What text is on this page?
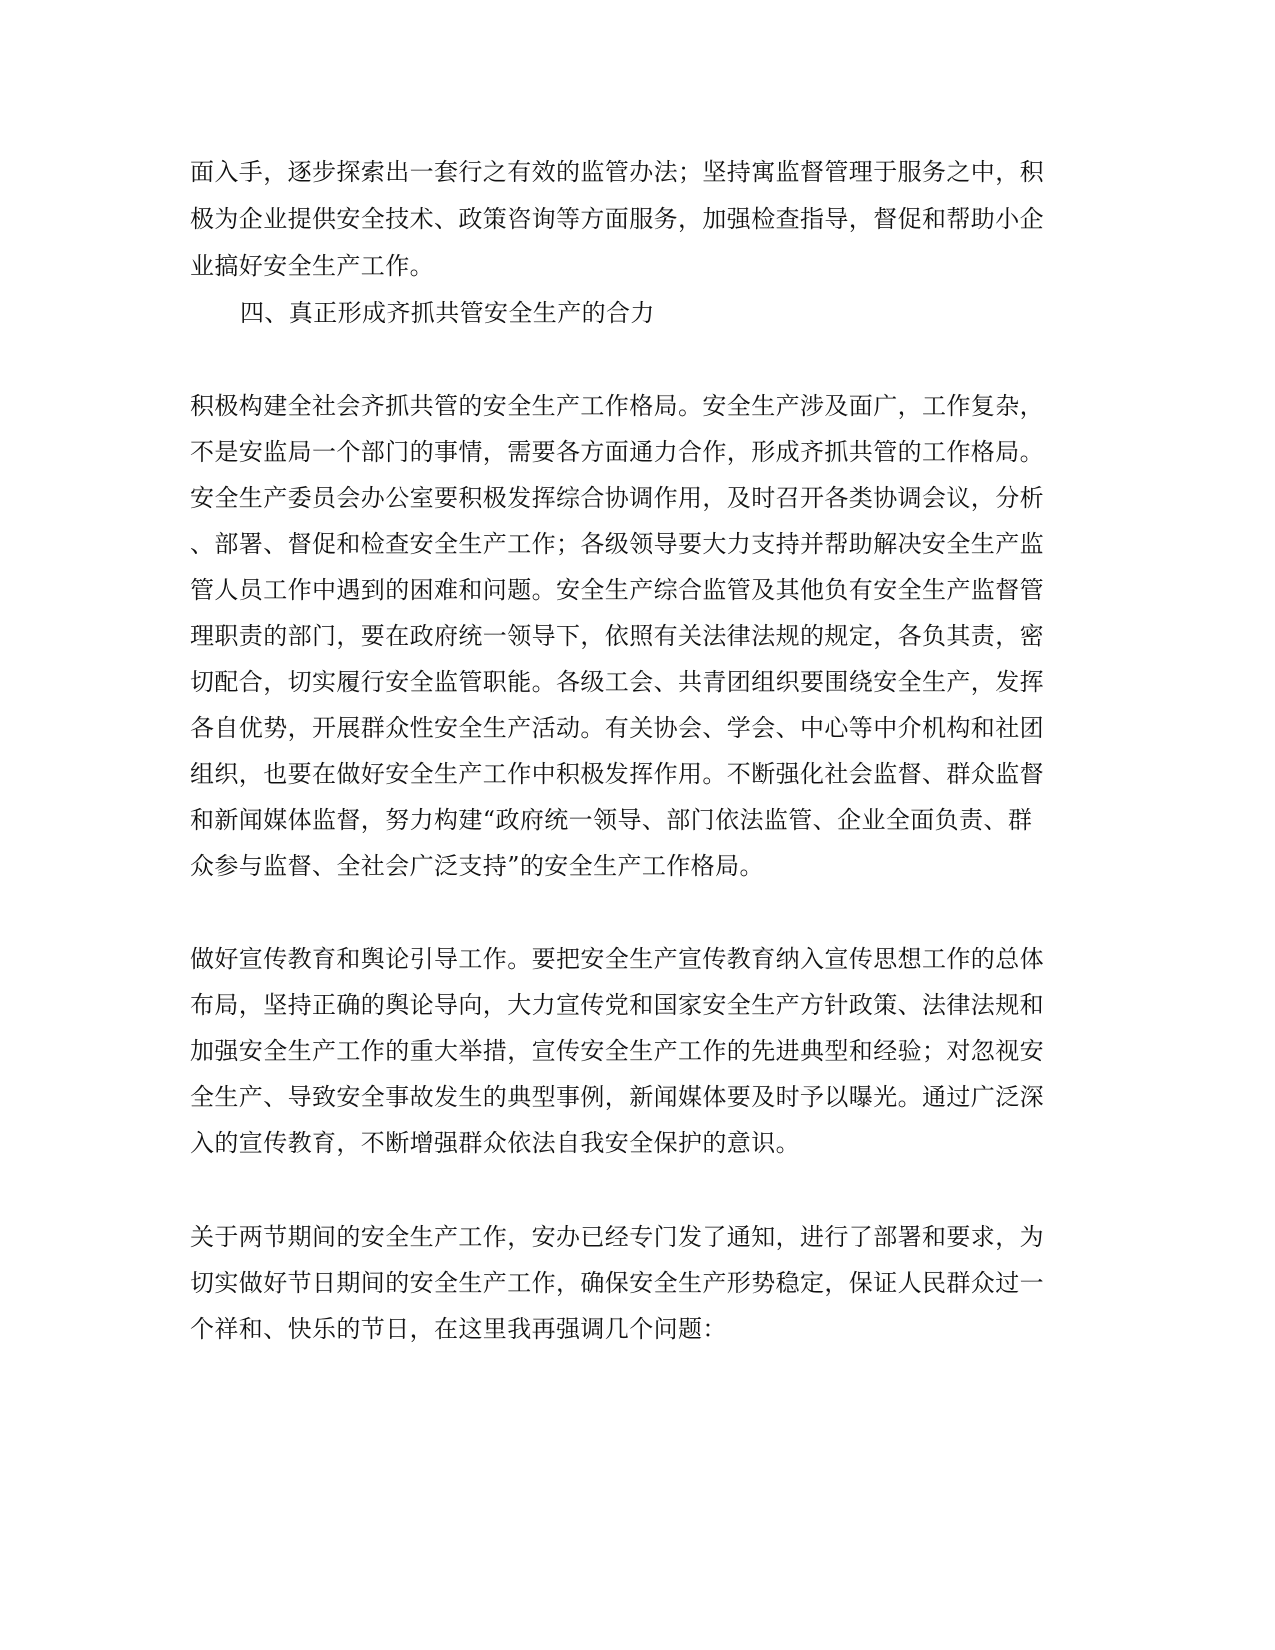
面入手，逐步探索出一套行之有效的监管办法；坚持寓监督管理于服务之中，积
极为企业提供安全技术、政策咨询等方面服务，加强检查指导，督促和帮助小企
业搞好安全生产工作。
四、真正形成齐抓共管安全生产的合力
积极构建全社会齐抓共管的安全生产工作格局。安全生产涉及面广，工作复杂，
不是安监局一个部门的事情，需要各方面通力合作，形成齐抓共管的工作格局。
安全生产委员会办公室要积极发挥综合协调作用，及时召开各类协调会议，分析
、部署、督促和检查安全生产工作；各级领导要大力支持并帮助解决安全生产监
管人员工作中遇到的困难和问题。安全生产综合监管及其他负有安全生产监督管
理职责的部门，要在政府统一领导下，依照有关法律法规的规定，各负其责，密
切配合，切实履行安全监管职能。各级工会、共青团组织要围绕安全生产，发挥
各自优势，开展群众性安全生产活动。有关协会、学会、中心等中介机构和社团
组织，也要在做好安全生产工作中积极发挥作用。不断强化社会监督、群众监督
和新闻媒体监督，努力构建“政府统一领导、部门依法监管、企业全面负责、群
众参与监督、全社会广泛支持”的安全生产工作格局。
做好宣传教育和舆论引导工作。要把安全生产宣传教育纳入宣传思想工作的总体
布局，坚持正确的舆论导向，大力宣传党和国家安全生产方针政策、法律法规和
加强安全生产工作的重大举措，宣传安全生产工作的先进典型和经验；对忽视安
全生产、导致安全事故发生的典型事例，新闻媒体要及时予以曝光。通过广泛深
入的宣传教育，不断增强群众依法自我安全保护的意识。
关于两节期间的安全生产工作，安办已经专门发了通知，进行了部署和要求，为
切实做好节日期间的安全生产工作，确保安全生产形势稳定，保证人民群众过一
个祥和、快乐的节日，在这里我再强调几个问题：
